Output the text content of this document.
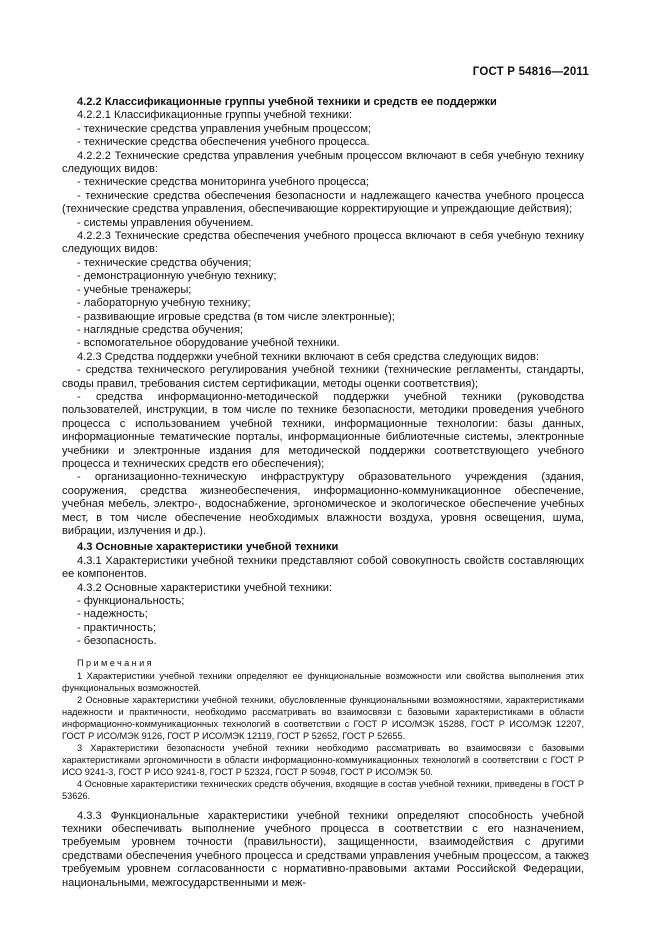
ГОСТ Р 54816—2011

4.2.2 Классификационные группы учебной техники и средств ее поддержки

4.2.2.1 Классификационные группы учебной техники:

- технические средства управления учебным процессом;

- технические средства обеспечения учебного процесса.

4.2.2.2 Технические средства управления учебным процессом включают в себя учебную технику следующих видов:

- технические средства мониторинга учебного процесса;

- технические средства обеспечения безопасности и надлежащего качества учебного процесса (технические средства управления, обеспечивающие корректирующие и упреждающие действия);

- системы управления обучением.

4.2.2.3 Технические средства обеспечения учебного процесса включают в себя учебную технику следующих видов:

- технические средства обучения;

- демонстрационную учебную технику;

- учебные тренажеры;

- лабораторную учебную технику;

- развивающие игровые средства (в том числе электронные);

- наглядные средства обучения;

- вспомогательное оборудование учебной техники.

4.2.3 Средства поддержки учебной техники включают в себя средства следующих видов:

- средства технического регулирования учебной техники (технические регламенты, стандарты, своды правил, требования систем сертификации, методы оценки соответствия);

- средства информационно-методической поддержки учебной техники (руководства пользователей, инструкции, в том числе по технике безопасности, методики проведения учебного процесса с использованием учебной техники, информационные технологии: базы данных, информационные тематические порталы, информационные библиотечные системы, электронные учебники и электронные издания для методической поддержки соответствующего учебного процесса и технических средств его обеспечения);

- организационно-техническую инфраструктуру образовательного учреждения (здания, сооружения, средства жизнеобеспечения, информационно-коммуникационное обеспечение, учебная мебель, электро-, водоснабжение, эргономическое и экологическое обеспечение учебных мест, в том числе обеспечение необходимых влажности воздуха, уровня освещения, шума, вибрации, излучения и др.).

4.3 Основные характеристики учебной техники

4.3.1 Характеристики учебной техники представляют собой совокупность свойств составляющих ее компонентов.

4.3.2 Основные характеристики учебной техники:

- функциональность;

- надежность;

- практичность;

- безопасность.

Примечания

1 Характеристики учебной техники определяют ее функциональные возможности или свойства выполнения этих функциональных возможностей.

2 Основные характеристики учебной техники, обусловленные функциональными возможностями, характеристиками надежности и практичности, необходимо рассматривать во взаимосвязи с базовыми характеристиками в области информационно-коммуникационных технологий в соответствии с ГОСТ Р ИСО/МЭК 15288, ГОСТ Р ИСО/МЭК 12207, ГОСТ Р ИСО/МЭК 9126, ГОСТ Р ИСО/МЭК 12119, ГОСТ Р 52652, ГОСТ Р 52655.

3 Характеристики безопасности учебной техники необходимо рассматривать во взаимосвязи с базовыми характеристиками эргономичности в области информационно-коммуникационных технологий в соответствии с ГОСТ Р ИСО 9241-3, ГОСТ Р ИСО 9241-8, ГОСТ Р 52324, ГОСТ Р 50948, ГОСТ Р ИСО/МЭК 50.

4 Основные характеристики технических средств обучения, входящие в состав учебной техники, приведены в ГОСТ Р 53626.

4.3.3 Функциональные характеристики учебной техники определяют способность учебной техники обеспечивать выполнение учебного процесса в соответствии с его назначением, требуемым уровнем точности (правильности), защищенности, взаимодействия с другими средствами обеспечения учебного процесса и средствами управления учебным процессом, а также требуемым уровнем согласованности с нормативно-правовыми актами Российской Федерации, национальными, межгосударственными и меж-

3
